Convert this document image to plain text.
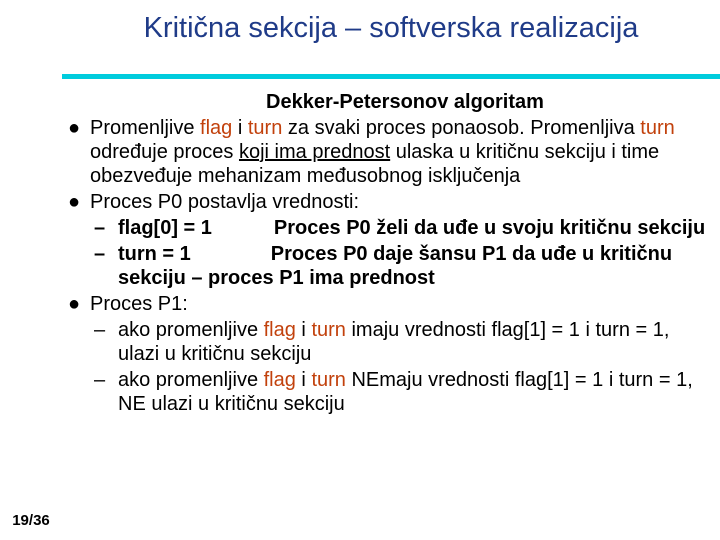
19/36
Kritična sekcija – softverska realizacija
Dekker-Petersonov algoritam
● Promenljive flag i turn za svaki proces ponaosob. Promenljiva turn određuje proces koji ima prednost ulaska u kritičnu sekciju i time obezveđuje mehanizam međusobnog isključenja
● Proces P0 postavlja vrednosti:
– flag[0] = 1	Proces P0 želi da uđe u svoju kritičnu sekciju
– turn = 1	Proces P0 daje šansu P1 da uđe u kritičnu sekciju – proces P1 ima prednost
● Proces P1:
– ako promenljive flag i turn imaju vrednosti flag[1] = 1 i turn = 1, ulazi u kritičnu sekciju
– ako promenljive flag i turn NEmaju vrednosti flag[1] = 1 i turn = 1, NE ulazi u kritičnu sekciju
